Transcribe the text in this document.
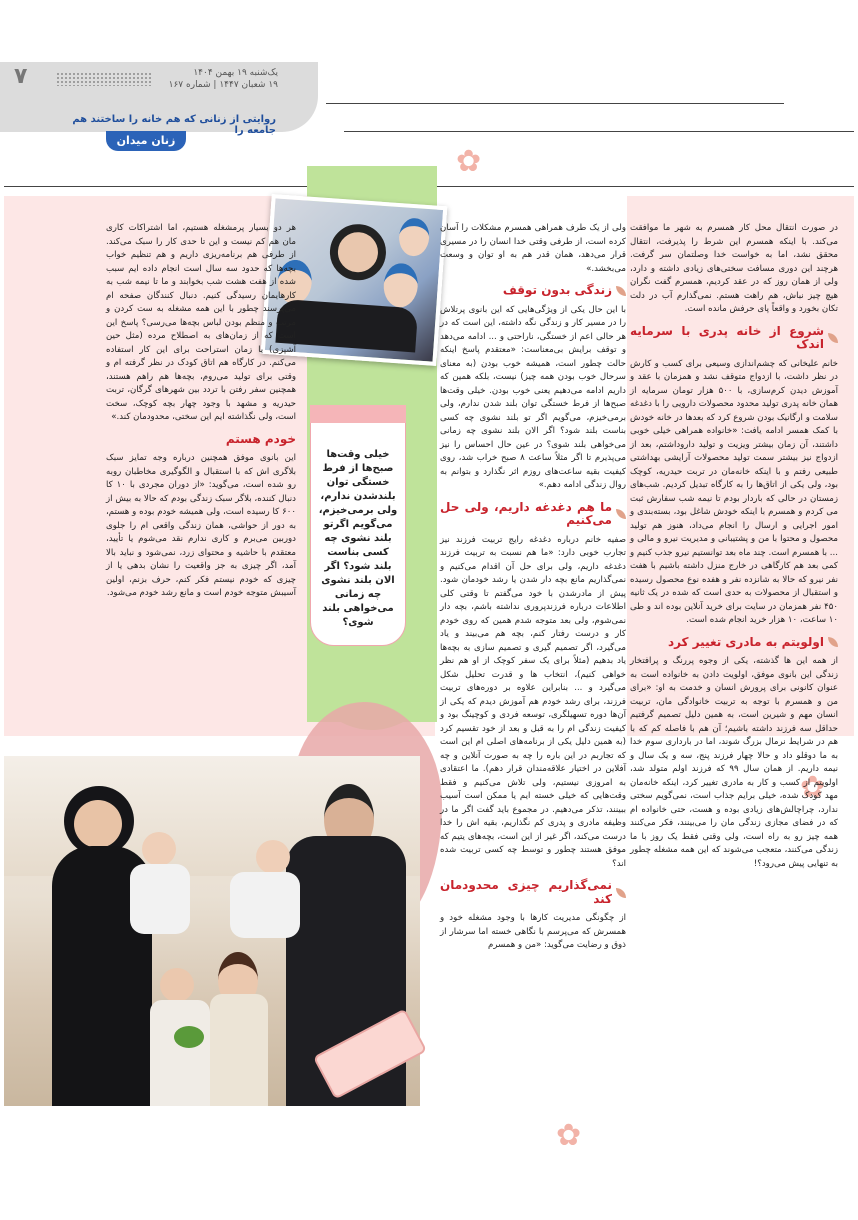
۷	یک‌شنبه ۱۹ بهمن ۱۴۰۴
۱۹ شعبان ۱۴۴۷ | شماره ۱۶۷
روایتی از زنانی که هم خانه را ساختند هم جامعه را
زنان میدان
✿
✿
✿
خیلی وقت‌ها صبح‌ها از فرط خستگی توان بلندشدن ندارم، ولی برمی‌خیزم، می‌گویم اگرتو بلند نشوی چه کسی بناست بلند شود؟ اگر الان بلند نشوی چه زمانی می‌خواهی بلند شوی؟

در صورت انتقال محل کار همسرم به شهر ما موافقت می‌کند. با اینکه همسرم این شرط را پذیرفت، انتقال محقق نشد، اما به خواست خدا وصلتمان سر گرفت. هرچند این دوری مسافت سختی‌های زیادی داشته و دارد، ولی از همان روز که در عقد کردیم، همسرم گفت نگران هیچ چیز نباش، هم راهت هستم. نمی‌گذارم آب در دلت تکان بخورد و واقعاً پای حرفش مانده است.

شروع از خانه پدری با سرمایه اندک

خانم علیخانی که چشم‌اندازی وسیعی برای کسب و کارش در نظر داشت، با ازدواج متوقف نشد و همزمان با عقد و آموزش دیدن کرم‌سازی، با ۵۰۰ هزار تومان سرمایه از همان خانه پدری تولید محدود محصولات دارویی را با دغدغه سلامت و ارگانیک بودن شروع کرد که بعدها در خانه خودش با کمک همسر ادامه یافت: «خانواده همراهی خیلی خوبی داشتند، آن زمان بیشتر ویزیت و تولید داروداشتم، بعد از ازدواج نیز بیشتر سمت تولید محصولات آرایشی بهداشتی طبیعی رفتم و با اینکه خانه‌مان در تربت حیدریه، کوچک بود، ولی یکی از اتاق‌ها را به کارگاه تبدیل کردیم. شب‌های زمستان در حالی که باردار بودم تا نیمه شب سفارش ثبت می کردم و همسرم با اینکه خودش شاغل بود، بسته‌بندی و امور اجرایی و ارسال را انجام می‌داد، هنوز هم تولید محصول و محتوا با من و پشتیبانی و مدیریت نیرو و مالی و ... با همسرم است. چند ماه بعد توانستیم نیرو جذب کنیم و کمی بعد هم کارگاهی در خارج منزل داشته باشیم با هفت نفر نیرو که حالا به شانزده نفر و هفده نوع محصول رسیده و استقبال از محصولات به حدی است که شده در یک ثانیه ۴۵۰ نفر همزمان در سایت برای خرید آنلاین بوده اند و طی ۱۰ ساعت، ۱۰ هزار خرید انجام شده است.

اولویتم به مادری تغییر کرد

از همه این ها گذشته، یکی از وجوه پررنگ و پرافتخار زندگی این بانوی موفق، اولویت دادن به خانواده است به عنوان کانونی برای پرورش انسان و خدمت به او: «برای من و همسرم با توجه به تربیت خانوادگی مان، تربیت انسان مهم و شیرین است، به همین دلیل تصمیم گرفتیم حداقل سه فرزند داشته باشیم؛ آن هم با فاصله کم که با هم در شرایط نرمال بزرگ شوند، اما در بارداری سوم خدا به ما دوقلو داد و حالا چهار فرزند پنج، سه و یک سال و نیمه داریم. از همان سال ۹۹ که فرزند اولم متولد شد، اولویتم از کسب و کار به مادری تغییر کرد، اینکه خانه‌مان مهد کودک شده، خیلی برایم جذاب است، نمی‌گویم سختی ندارد، چراچالش‌های زیادی بوده و هست، حتی خانواده ام که در فضای مجازی زندگی مان را می‌بینند، فکر می‌کنند همه چیز رو به راه است، ولی وقتی فقط یک روز با ما زندگی می‌کنند، متعجب می‌شوند که این همه مشغله چطور به تنهایی پیش می‌رود؟!

ولی از یک طرف همراهی همسرم مشکلات را آسان کرده است، از طرفی وقتی خدا انسان را در مسیری قرار می‌دهد، همان قدر هم به او توان و وسعت می‌بخشد.»

زندگی بدون توقف

با این حال یکی از ویژگی‌هایی که این بانوی پرتلاش را در مسیر کار و زندگی نگه داشته، این است که در هر حالی اعم از خستگی، ناراحتی و ... ادامه می‌دهد و توقف برایش بی‌معناست: «معتقدم پاسخ اینکه حالت چطور است، همیشه خوب بودن (به معنای سرحال خوب بودن همه چیز) نیست، بلکه همین که داریم ادامه می‌دهیم یعنی خوب بودن. خیلی وقت‌ها صبح‌ها از فرط خستگی توان بلند شدن ندارم، ولی برمی‌خیزم، می‌گویم اگر تو بلند نشوی چه کسی بناست بلند شود؟ اگر الان بلند نشوی چه زمانی می‌خواهی بلند شوی؟ در عین حال احساس را نیز می‌پذیرم تا اگر مثلاً ساعت ۸ صبح خراب شد، روی کیفیت بقیه ساعت‌های روزم اثر نگذارد و بتوانم به روال زندگی ادامه دهم.»

ما هم دغدغه داریم، ولی حل می‌کنیم

صفیه خانم درباره دغدغه رایج تربیت فرزند نیز تجارب خوبی دارد: «ما هم نسبت به تربیت فرزند دغدغه داریم، ولی برای حل آن اقدام می‌کنیم و نمی‌گذاریم مانع بچه دار شدن یا رشد خودمان شود. پیش از مادرشدن با خود می‌گفتم تا وقتی کلی اطلاعات درباره فرزندپروری نداشته باشم، بچه دار نمی‌شوم، ولی بعد متوجه شدم همین که روی خودم کار و درست رفتار کنم، بچه هم می‌بیند و یاد می‌گیرد، اگر تصمیم گیری و تصمیم سازی به بچه‌ها یاد بدهیم (مثلاً برای یک سفر کوچک از او هم نظر خواهی کنیم)، انتخاب ها و قدرت تحلیل شکل می‌گیرد و ... بنابراین علاوه بر دوره‌های تربیت فرزند، برای رشد خودم هم آموزش دیدم که یکی از آن‌ها دوره تسهیلگری، توسعه فردی و کوچینگ بود و کیفیت زندگی ام را به قبل و بعد از خود تقسیم کرد (به همین دلیل یکی از برنامه‌های اصلی ام این است که تجاربم در این باره را چه به صورت آنلاین و چه آفلاین در اختیار علاقه‌مندان قرار دهم). ما اعتقادی به امروزی نیستیم، ولی تلاش می‌کنیم و فقط وقت‌هایی که خیلی خسته ایم یا ممکن است آسیب ببینند، تذکر می‌دهیم. در مجموع باید گفت اگر ما در وظیفه مادری و پدری کم نگذاریم، بقیه اش را خدا درست می‌کند، اگر غیر از این است، بچه‌های یتیم که موفق هستند چطور و توسط چه کسی تربیت شده اند؟

نمی‌گذاریم چیزی محدودمان کند

از چگونگی مدیریت کارها با وجود مشغله خود و همسرش که می‌پرسم با نگاهی خسته اما سرشار از ذوق و رضایت می‌گوید: «من و همسرم

هر دو بسیار پرمشغله هستیم، اما اشتراکات کاری مان هم کم نیست و این تا حدی کار را سبک می‌کند. از طرفی هم برنامه‌ریزی داریم و هم تنظیم خواب بچه‌ها که حدود سه سال است انجام داده ایم سبب شده از هفت هشت شب بخوابند و ما تا نیمه شب به کارهایمان رسیدگی کنیم. دنبال کنندگان صفحه ام می‌پرسند چطور با این همه مشغله به ست کردن و مرتب و منظم بودن لباس بچه‌ها می‌رسی؟ پاسخ این است که از زمان‌های به اصطلاح مرده (مثل حین آشپزی) یا زمان استراحت برای این کار استفاده می‌کنم. در کارگاه هم اتاق کودک در نظر گرفته ام و وقتی برای تولید می‌روم، بچه‌ها هم راهم هستند، همچنین سفر رفتن با تردد بین شهرهای گرگان، تربت حیدریه و مشهد با وجود چهار بچه کوچک، سخت است، ولی نگذاشته ایم این سختی، محدودمان کند.»

خودم هستم

این بانوی موفق همچنین درباره وجه تمایز سبک بلاگری اش که با استقبال و الگوگیری مخاطبان روبه رو شده است، می‌گوید: «از دوران مجردی با ۱۰ کا دنبال کننده، بلاگر سبک زندگی بودم که حالا به بیش از ۶۰۰ کا رسیده است، ولی همیشه خودم بوده و هستم، به دور از حواشی، همان زندگی واقعی ام را جلوی دوربین می‌برم و کاری ندارم نقد می‌شوم یا تأیید، معتقدم با حاشیه و محتوای زرد، نمی‌شود و نباید بالا آمد، اگر چیزی به جز واقعیت را نشان بدهی یا از چیزی که خودم نیستم فکر کنم، حرف بزنم، اولین آسیبش متوجه خودم است و مانع رشد خودم می‌شود.
